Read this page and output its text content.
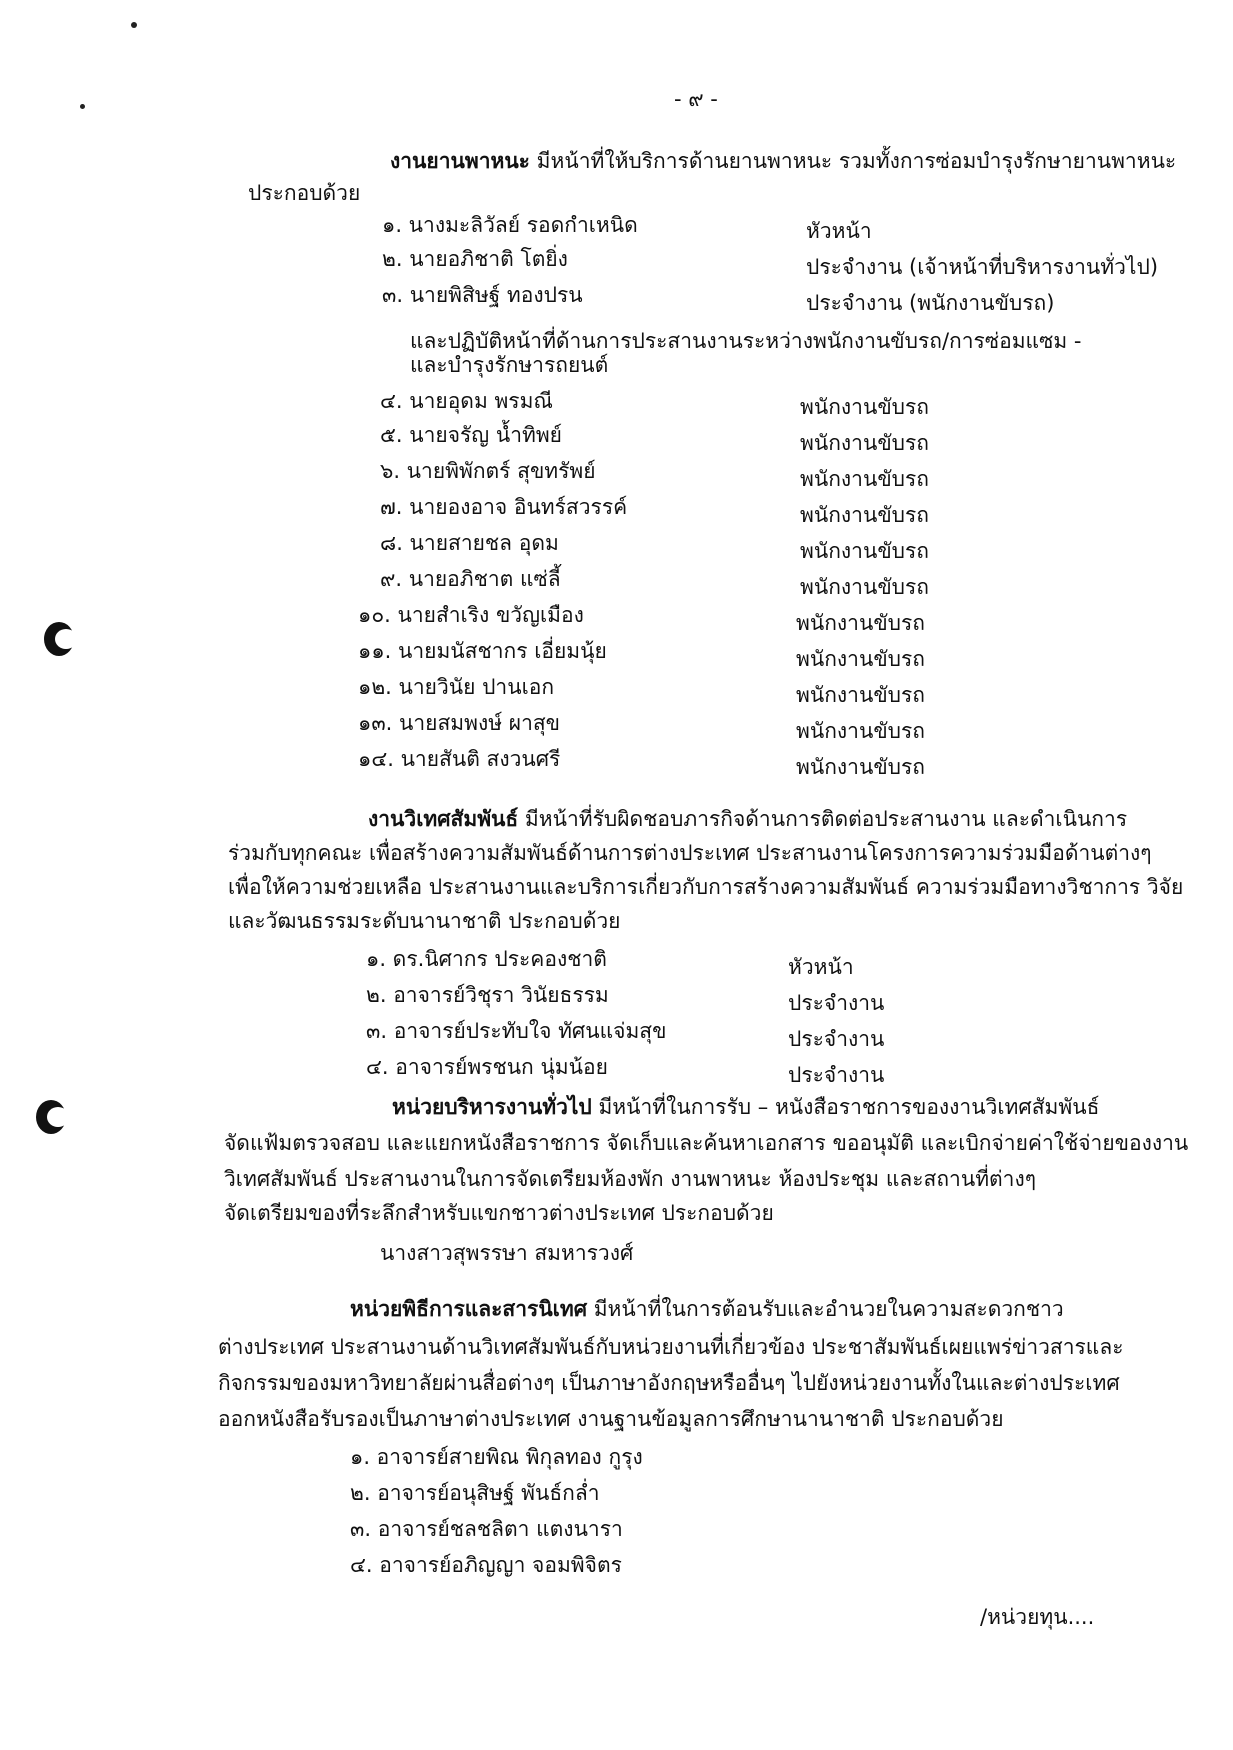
- ๙ -
งานยานพาหนะ มีหน้าที่ให้บริการด้านยานพาหนะ รวมทั้งการซ่อมบำรุงรักษายานพาหนะ
ประกอบด้วย
๑. นางมะลิวัลย์ รอดกำเหนิด	หัวหน้า
๒. นายอภิชาติ โตยิ่ง	ประจำงาน (เจ้าหน้าที่บริหารงานทั่วไป)
๓. นายพิสิษฐ์ ทองปรน	ประจำงาน (พนักงานขับรถ)
และปฏิบัติหน้าที่ด้านการประสานงานระหว่างพนักงานขับรถ/การซ่อมแซม -
และบำรุงรักษารถยนต์
๔. นายอุดม พรมณี	พนักงานขับรถ
๕. นายจรัญ น้ำทิพย์	พนักงานขับรถ
๖. นายพิพักตร์ สุขทรัพย์	พนักงานขับรถ
๗. นายองอาจ อินทร์สวรรค์	พนักงานขับรถ
๘. นายสายชล อุดม	พนักงานขับรถ
๙. นายอภิชาต แซ่ลี้	พนักงานขับรถ
๑๐. นายสำเริง ขวัญเมือง	พนักงานขับรถ
๑๑. นายมนัสชากร เอี่ยมนุ้ย	พนักงานขับรถ
๑๒. นายวินัย ปานเอก	พนักงานขับรถ
๑๓. นายสมพงษ์ ผาสุข	พนักงานขับรถ
๑๔. นายสันติ สงวนศรี	พนักงานขับรถ
งานวิเทศสัมพันธ์ มีหน้าที่รับผิดชอบภารกิจด้านการติดต่อประสานงาน และดำเนินการ
ร่วมกับทุกคณะ เพื่อสร้างความสัมพันธ์ด้านการต่างประเทศ ประสานงานโครงการความร่วมมือด้านต่างๆ
เพื่อให้ความช่วยเหลือ ประสานงานและบริการเกี่ยวกับการสร้างความสัมพันธ์ ความร่วมมือทางวิชาการ วิจัย
และวัฒนธรรมระดับนานาชาติ ประกอบด้วย
๑. ดร.นิศากร ประคองชาติ	หัวหน้า
๒. อาจารย์วิชุรา วินัยธรรม	ประจำงาน
๓. อาจารย์ประทับใจ ทัศนแจ่มสุข	ประจำงาน
๔. อาจารย์พรชนก นุ่มน้อย	ประจำงาน
หน่วยบริหารงานทั่วไป มีหน้าที่ในการรับ – หนังสือราชการของงานวิเทศสัมพันธ์
จัดแฟ้มตรวจสอบ และแยกหนังสือราชการ จัดเก็บและค้นหาเอกสาร ขออนุมัติ และเบิกจ่ายค่าใช้จ่ายของงาน
วิเทศสัมพันธ์ ประสานงานในการจัดเตรียมห้องพัก งานพาหนะ ห้องประชุม และสถานที่ต่างๆ
จัดเตรียมของที่ระลึกสำหรับแขกชาวต่างประเทศ ประกอบด้วย
นางสาวสุพรรษา สมหารวงศ์
หน่วยพิธีการและสารนิเทศ มีหน้าที่ในการต้อนรับและอำนวยในความสะดวกชาว
ต่างประเทศ ประสานงานด้านวิเทศสัมพันธ์กับหน่วยงานที่เกี่ยวข้อง ประชาสัมพันธ์เผยแพร่ข่าวสารและ
กิจกรรมของมหาวิทยาลัยผ่านสื่อต่างๆ เป็นภาษาอังกฤษหรืออื่นๆ ไปยังหน่วยงานทั้งในและต่างประเทศ
ออกหนังสือรับรองเป็นภาษาต่างประเทศ งานฐานข้อมูลการศึกษานานาชาติ ประกอบด้วย
๑. อาจารย์สายพิณ พิกุลทอง กูรุง
๒. อาจารย์อนุสิษฐ์ พันธ์กล่ำ
๓. อาจารย์ชลชลิตา แตงนารา
๔. อาจารย์อภิญญา จอมพิจิตร
/หน่วยทุน....
